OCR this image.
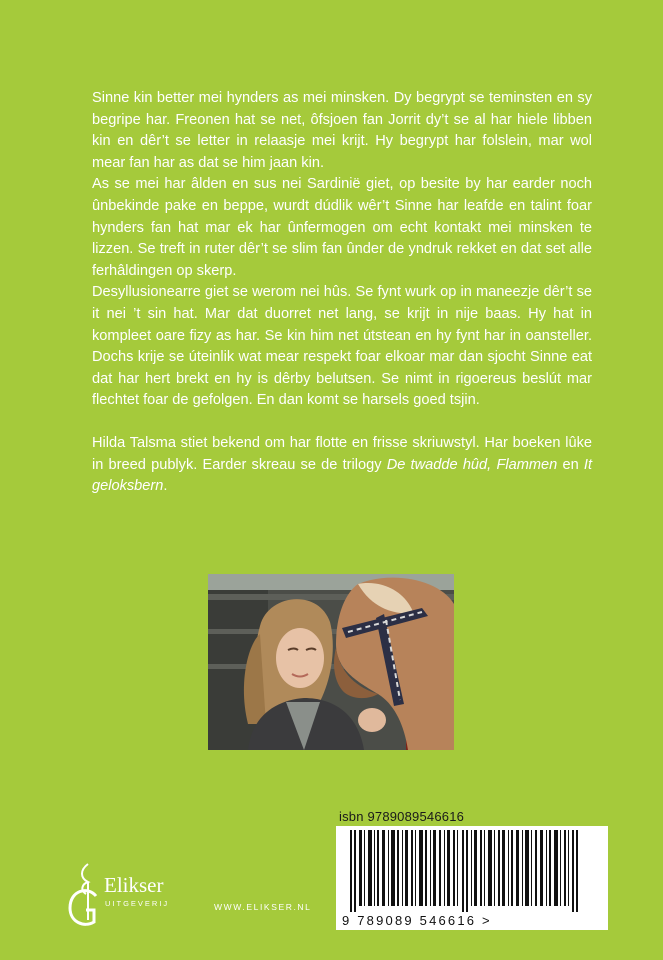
Sinne kin better mei hynders as mei minsken. Dy begrypt se teminsten en sy begripe har. Freonen hat se net, ôfsjoen fan Jorrit dy’t se al har hiele libben kin en dêr’t se letter in relaasje mei krijt. Hy begrypt har folslein, mar wol mear fan har as dat se him jaan kin.

As se mei har âlden en sus nei Sardinië giet, op besite by har earder noch ûnbekinde pake en beppe, wurdt dúdlik wêr’t Sinne har leafde en talint foar hynders fan hat mar ek har ûnfermogen om echt kontakt mei minsken te lizzen. Se treft in ruter dêr’t se slim fan ûnder de yndruk rekket en dat set alle ferhâldingen op skerp.

Desyllusionearre giet se werom nei hûs. Se fynt wurk op in maneezje dêr’t se it nei ’t sin hat. Mar dat duorret net lang, se krijt in nije baas. Hy hat in kompleet oare fizy as har. Se kin him net útstean en hy fynt har in oansteller. Dochs krije se úteinlik wat mear respekt foar elkoar mar dan sjocht Sinne eat dat har hert brekt en hy is dêrby belutsen. Se nimt in rigoereus beslút mar flechtet foar de gefolgen. En dan komt se harsels goed tsjin.

Hilda Talsma stiet bekend om har flotte en frisse skriuwstyl. Har boeken lûke in breed publyk. Earder skreau se de trilogy De twadde hûd, Flammen en It geloksbern.

isbn 9789089546616
9 789089 546616 >
Elikser
UITGEVERIJ	WWW.ELIKSER.NL
